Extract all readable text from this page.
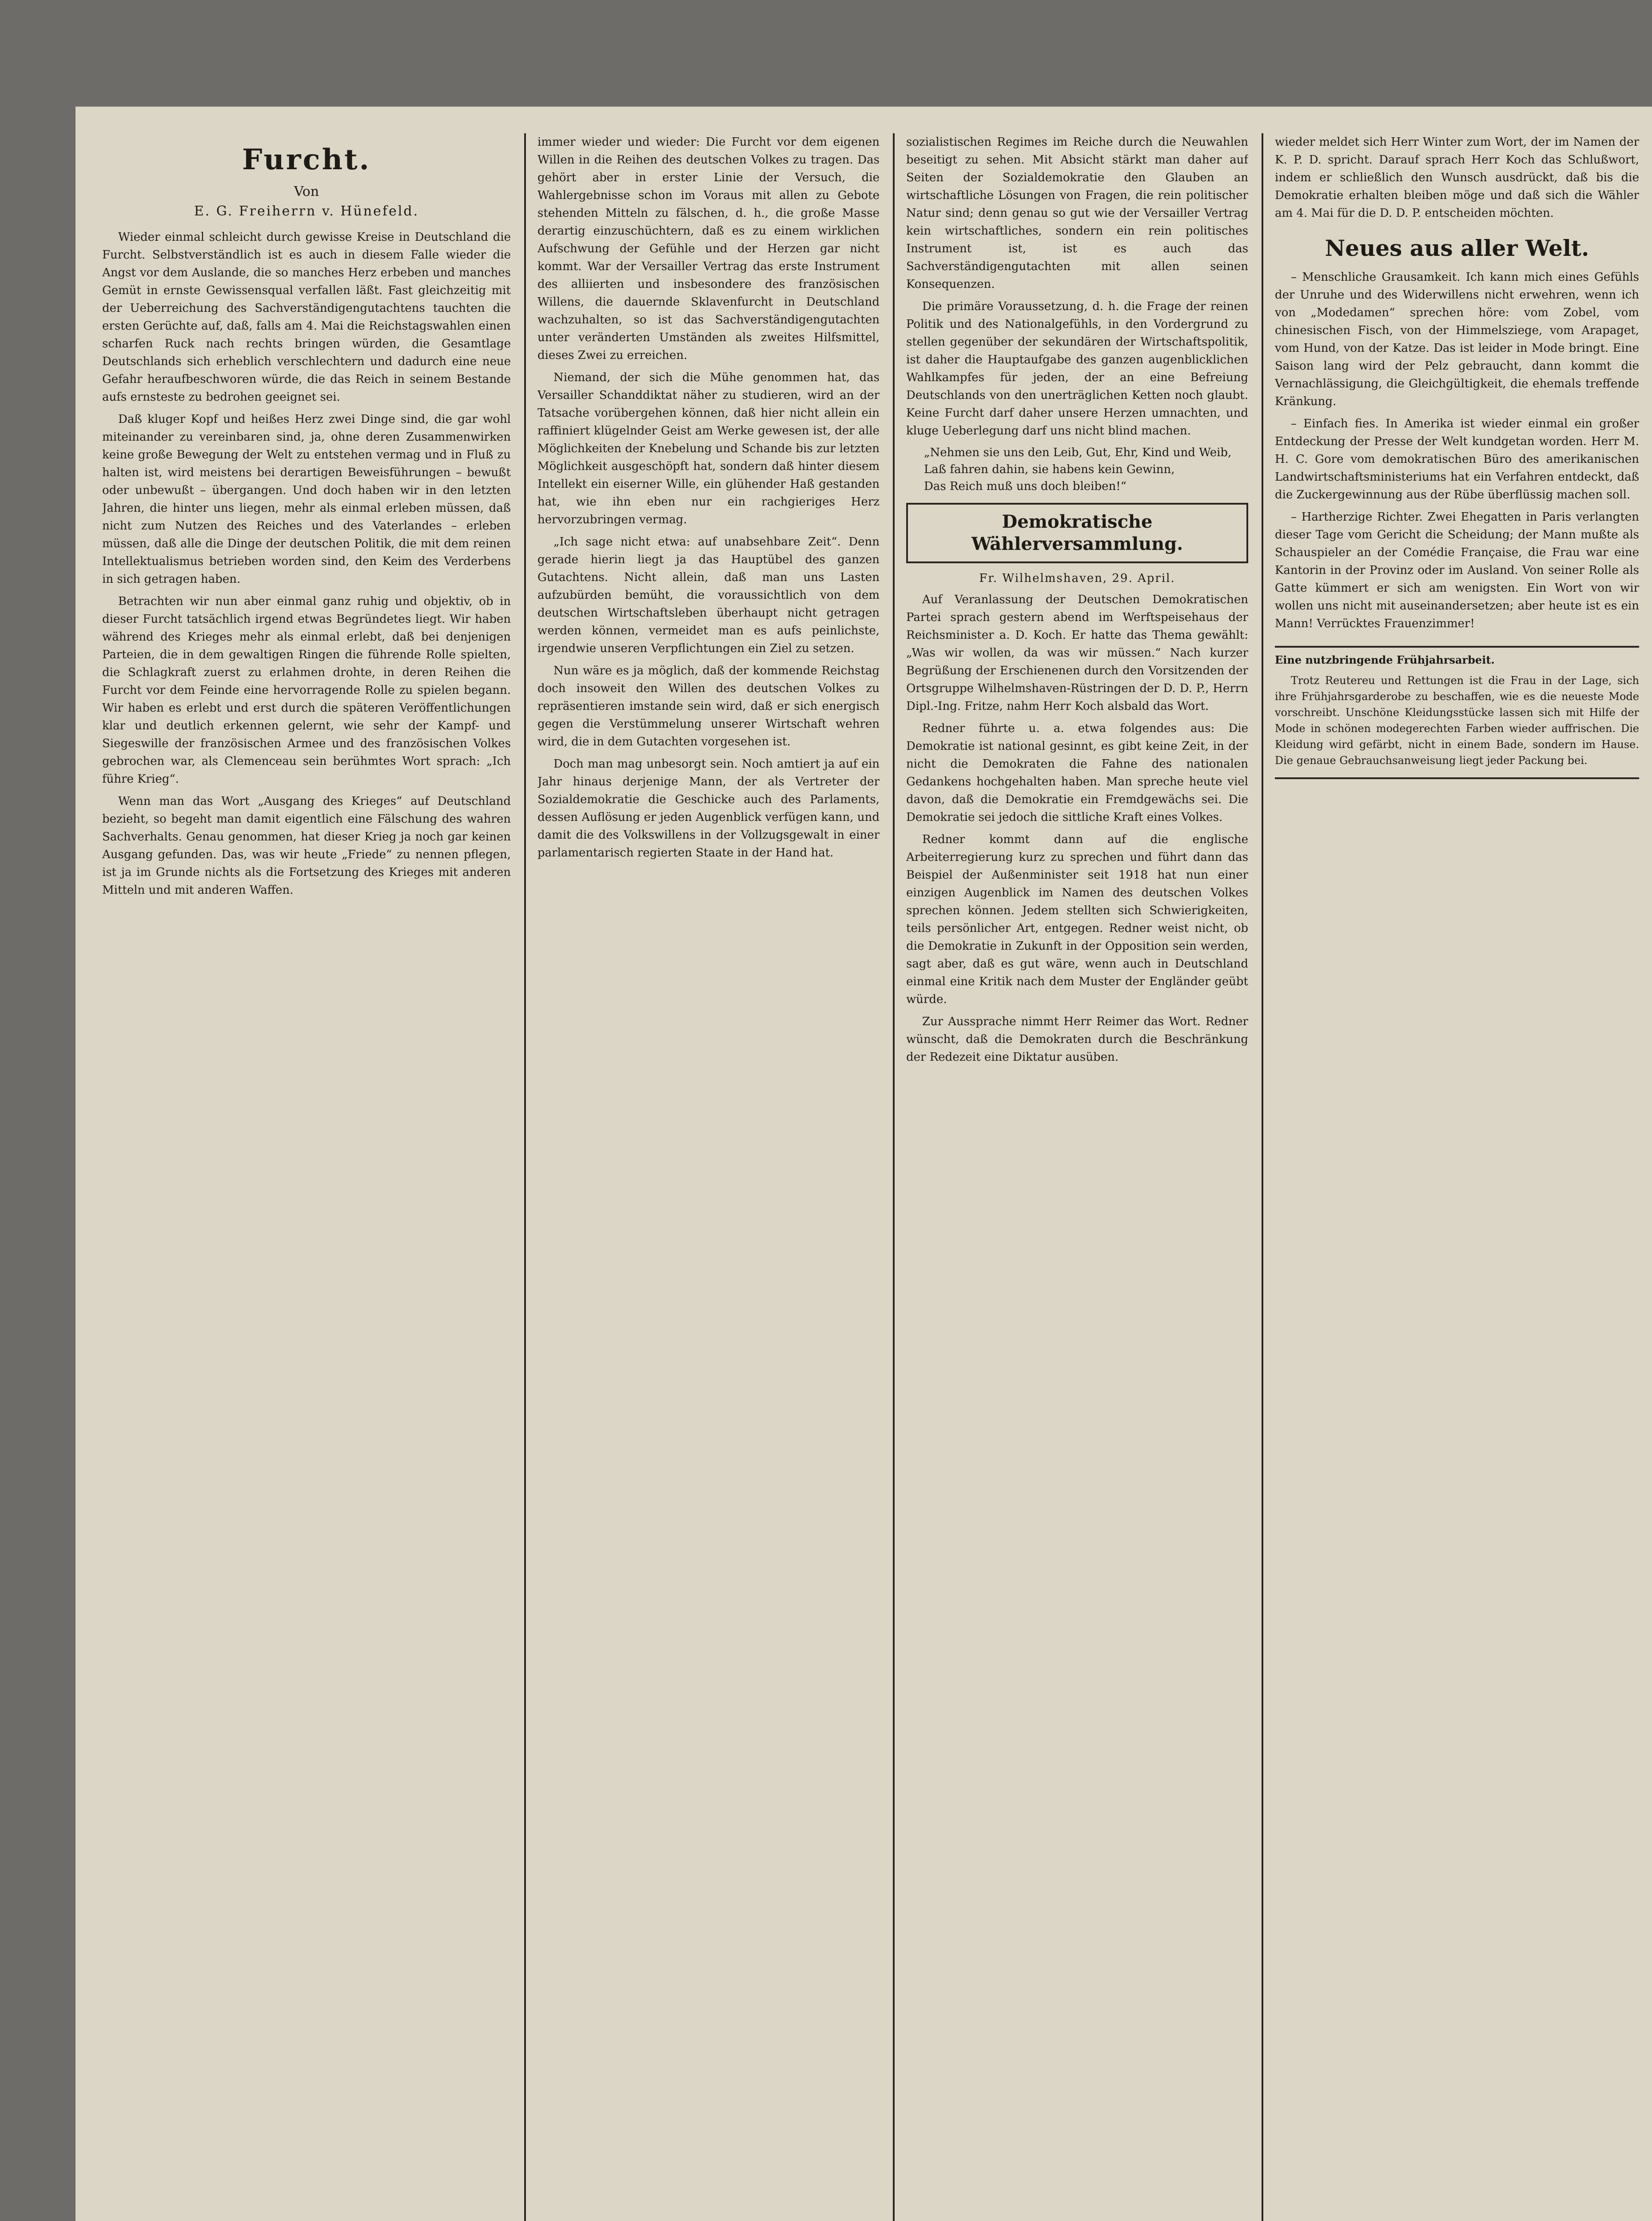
Furcht.
Von
E. G. Freiherrn v. Hünefeld.

Wieder einmal schleicht durch gewisse Kreise in Deutschland die Furcht. Selbstverständlich ist es auch in diesem Falle wieder die Angst vor dem Auslande, die so manches Herz erbeben und manches Gemüt in ernste Gewissensqual verfallen läßt. Fast gleichzeitig mit der Ueberreichung des Sachverständigengutachtens tauchten die ersten Gerüchte auf, daß, falls am 4. Mai die Reichstagswahlen einen scharfen Ruck nach rechts bringen würden, die Gesamtlage Deutschlands sich erheblich verschlechtern und dadurch eine neue Gefahr heraufbeschworen würde, die das Reich in seinem Bestande aufs ernsteste zu bedrohen geeignet sei.

Daß kluger Kopf und heißes Herz zwei Dinge sind, die gar wohl miteinander zu vereinbaren sind, ja, ohne deren Zusammenwirken keine große Bewegung der Welt zu entstehen vermag und in Fluß zu halten ist, wird meistens bei derartigen Beweisführungen – bewußt oder unbewußt – übergangen. Und doch haben wir in den letzten Jahren, die hinter uns liegen, mehr als einmal erleben müssen, daß nicht zum Nutzen des Reiches und des Vaterlandes – erleben müssen, daß alle die Dinge der deutschen Politik, die mit dem reinen Intellektualismus betrieben worden sind, den Keim des Verderbens in sich getragen haben.

Betrachten wir nun aber einmal ganz ruhig und objektiv, ob in dieser Furcht tatsächlich irgend etwas Begründetes liegt. Wir haben während des Krieges mehr als einmal erlebt, daß bei denjenigen Parteien, die in dem gewaltigen Ringen die führende Rolle spielten, die Schlagkraft zuerst zu erlahmen drohte, in deren Reihen die Furcht vor dem Feinde eine hervorragende Rolle zu spielen begann. Wir haben es erlebt und erst durch die späteren Veröffentlichungen klar und deutlich erkennen gelernt, wie sehr der Kampf- und Siegeswille der französischen Armee und des französischen Volkes gebrochen war, als Clemenceau sein berühmtes Wort sprach: „Ich führe Krieg“.

Wenn man das Wort „Ausgang des Krieges“ auf Deutschland bezieht, so begeht man damit eigentlich eine Fälschung des wahren Sachverhalts. Genau genommen, hat dieser Krieg ja noch gar keinen Ausgang gefunden. Das, was wir heute „Friede“ zu nennen pflegen, ist ja im Grunde nichts als die Fortsetzung des Krieges mit anderen Mitteln und mit anderen Waffen.

immer wieder und wieder: Die Furcht vor dem eigenen Willen in die Reihen des deutschen Volkes zu tragen. Das gehört aber in erster Linie der Versuch, die Wahlergebnisse schon im Voraus mit allen zu Gebote stehenden Mitteln zu fälschen, d. h., die große Masse derartig einzuschüchtern, daß es zu einem wirklichen Aufschwung der Gefühle und der Herzen gar nicht kommt. War der Versailler Vertrag das erste Instrument des alliierten und insbesondere des französischen Willens, die dauernde Sklavenfurcht in Deutschland wachzuhalten, so ist das Sachverständigengutachten unter veränderten Umständen als zweites Hilfsmittel, dieses Zwei zu erreichen.

Niemand, der sich die Mühe genommen hat, das Versailler Schanddiktat näher zu studieren, wird an der Tatsache vorübergehen können, daß hier nicht allein ein raffiniert klügelnder Geist am Werke gewesen ist, der alle Möglichkeiten der Knebelung und Schande bis zur letzten Möglichkeit ausgeschöpft hat, sondern daß hinter diesem Intellekt ein eiserner Wille, ein glühender Haß gestanden hat, wie ihn eben nur ein rachgieriges Herz hervorzubringen vermag.

„Ich sage nicht etwa: auf unabsehbare Zeit“. Denn gerade hierin liegt ja das Hauptübel des ganzen Gutachtens. Nicht allein, daß man uns Lasten aufzubürden bemüht, die voraussichtlich von dem deutschen Wirtschaftsleben überhaupt nicht getragen werden können, vermeidet man es aufs peinlichste, irgendwie unseren Verpflichtungen ein Ziel zu setzen.

Nun wäre es ja möglich, daß der kommende Reichstag doch insoweit den Willen des deutschen Volkes zu repräsentieren imstande sein wird, daß er sich energisch gegen die Verstümmelung unserer Wirtschaft wehren wird, die in dem Gutachten vorgesehen ist.

Doch man mag unbesorgt sein. Noch amtiert ja auf ein Jahr hinaus derjenige Mann, der als Vertreter der Sozialdemokratie die Geschicke auch des Parlaments, dessen Auflösung er jeden Augenblick verfügen kann, und damit die des Volkswillens in der Vollzugsgewalt in einer parlamentarisch regierten Staate in der Hand hat.

sozialistischen Regimes im Reiche durch die Neuwahlen beseitigt zu sehen. Mit Absicht stärkt man daher auf Seiten der Sozialdemokratie den Glauben an wirtschaftliche Lösungen von Fragen, die rein politischer Natur sind; denn genau so gut wie der Versailler Vertrag kein wirtschaftliches, sondern ein rein politisches Instrument ist, ist es auch das Sachverständigengutachten mit allen seinen Konsequenzen.

Die primäre Voraussetzung, d. h. die Frage der reinen Politik und des Nationalgefühls, in den Vordergrund zu stellen gegenüber der sekundären der Wirtschaftspolitik, ist daher die Hauptaufgabe des ganzen augenblicklichen Wahlkampfes für jeden, der an eine Befreiung Deutschlands von den unerträglichen Ketten noch glaubt. Keine Furcht darf daher unsere Herzen umnachten, und kluge Ueberlegung darf uns nicht blind machen.

„Nehmen sie uns den Leib, Gut, Ehr, Kind und Weib,

Laß fahren dahin, sie habens kein Gewinn,

Das Reich muß uns doch bleiben!“

Demokratische Wählerversammlung.
Fr. Wilhelmshaven, 29. April.

Auf Veranlassung der Deutschen Demokratischen Partei sprach gestern abend im Werftspeisehaus der Reichsminister a. D. Koch. Er hatte das Thema gewählt: „Was wir wollen, da was wir müssen.“ Nach kurzer Begrüßung der Erschienenen durch den Vorsitzenden der Ortsgruppe Wilhelmshaven-Rüstringen der D. D. P., Herrn Dipl.-Ing. Fritze, nahm Herr Koch alsbald das Wort.

Redner führte u. a. etwa folgendes aus: Die Demokratie ist national gesinnt, es gibt keine Zeit, in der nicht die Demokraten die Fahne des nationalen Gedankens hochgehalten haben. Man spreche heute viel davon, daß die Demokratie ein Fremdgewächs sei. Die Demokratie sei jedoch die sittliche Kraft eines Volkes.

Redner kommt dann auf die englische Arbeiterregierung kurz zu sprechen und führt dann das Beispiel der Außenminister seit 1918 hat nun einer einzigen Augenblick im Namen des deutschen Volkes sprechen können. Jedem stellten sich Schwierigkeiten, teils persönlicher Art, entgegen. Redner weist nicht, ob die Demokratie in Zukunft in der Opposition sein werden, sagt aber, daß es gut wäre, wenn auch in Deutschland einmal eine Kritik nach dem Muster der Engländer geübt würde.

Zur Aussprache nimmt Herr Reimer das Wort. Redner wünscht, daß die Demokraten durch die Beschränkung der Redezeit eine Diktatur ausüben.

wieder meldet sich Herr Winter zum Wort, der im Namen der K. P. D. spricht. Darauf sprach Herr Koch das Schlußwort, indem er schließlich den Wunsch ausdrückt, daß bis die Demokratie erhalten bleiben möge und daß sich die Wähler am 4. Mai für die D. D. P. entscheiden möchten.

Neues aus aller Welt.

– Menschliche Grausamkeit. Ich kann mich eines Gefühls der Unruhe und des Widerwillens nicht erwehren, wenn ich von „Modedamen“ sprechen höre: vom Zobel, vom chinesischen Fisch, von der Himmelsziege, vom Arapaget, vom Hund, von der Katze. Das ist leider in Mode bringt. Eine Saison lang wird der Pelz gebraucht, dann kommt die Vernachlässigung, die Gleichgültigkeit, die ehemals treffende Kränkung.

– Einfach fies. In Amerika ist wieder einmal ein großer Entdeckung der Presse der Welt kundgetan worden. Herr M. H. C. Gore vom demokratischen Büro des amerikanischen Landwirtschaftsministeriums hat ein Verfahren entdeckt, daß die Zuckergewinnung aus der Rübe überflüssig machen soll.

– Hartherzige Richter. Zwei Ehegatten in Paris verlangten dieser Tage vom Gericht die Scheidung; der Mann mußte als Schauspieler an der Comédie Française, die Frau war eine Kantorin in der Provinz oder im Ausland. Von seiner Rolle als Gatte kümmert er sich am wenigsten. Ein Wort von wir wollen uns nicht mit auseinandersetzen; aber heute ist es ein Mann! Verrücktes Frauenzimmer!

Eine nutzbringende Frühjahrsarbeit.

Trotz Reutereu und Rettungen ist die Frau in der Lage, sich ihre Frühjahrsgarderobe zu beschaffen, wie es die neueste Mode vorschreibt. Unschöne Kleidungsstücke lassen sich mit Hilfe der Mode in schönen modegerechten Farben wieder auffrischen. Die Kleidung wird gefärbt, nicht in einem Bade, sondern im Hause. Die genaue Gebrauchsanweisung liegt jeder Packung bei.
